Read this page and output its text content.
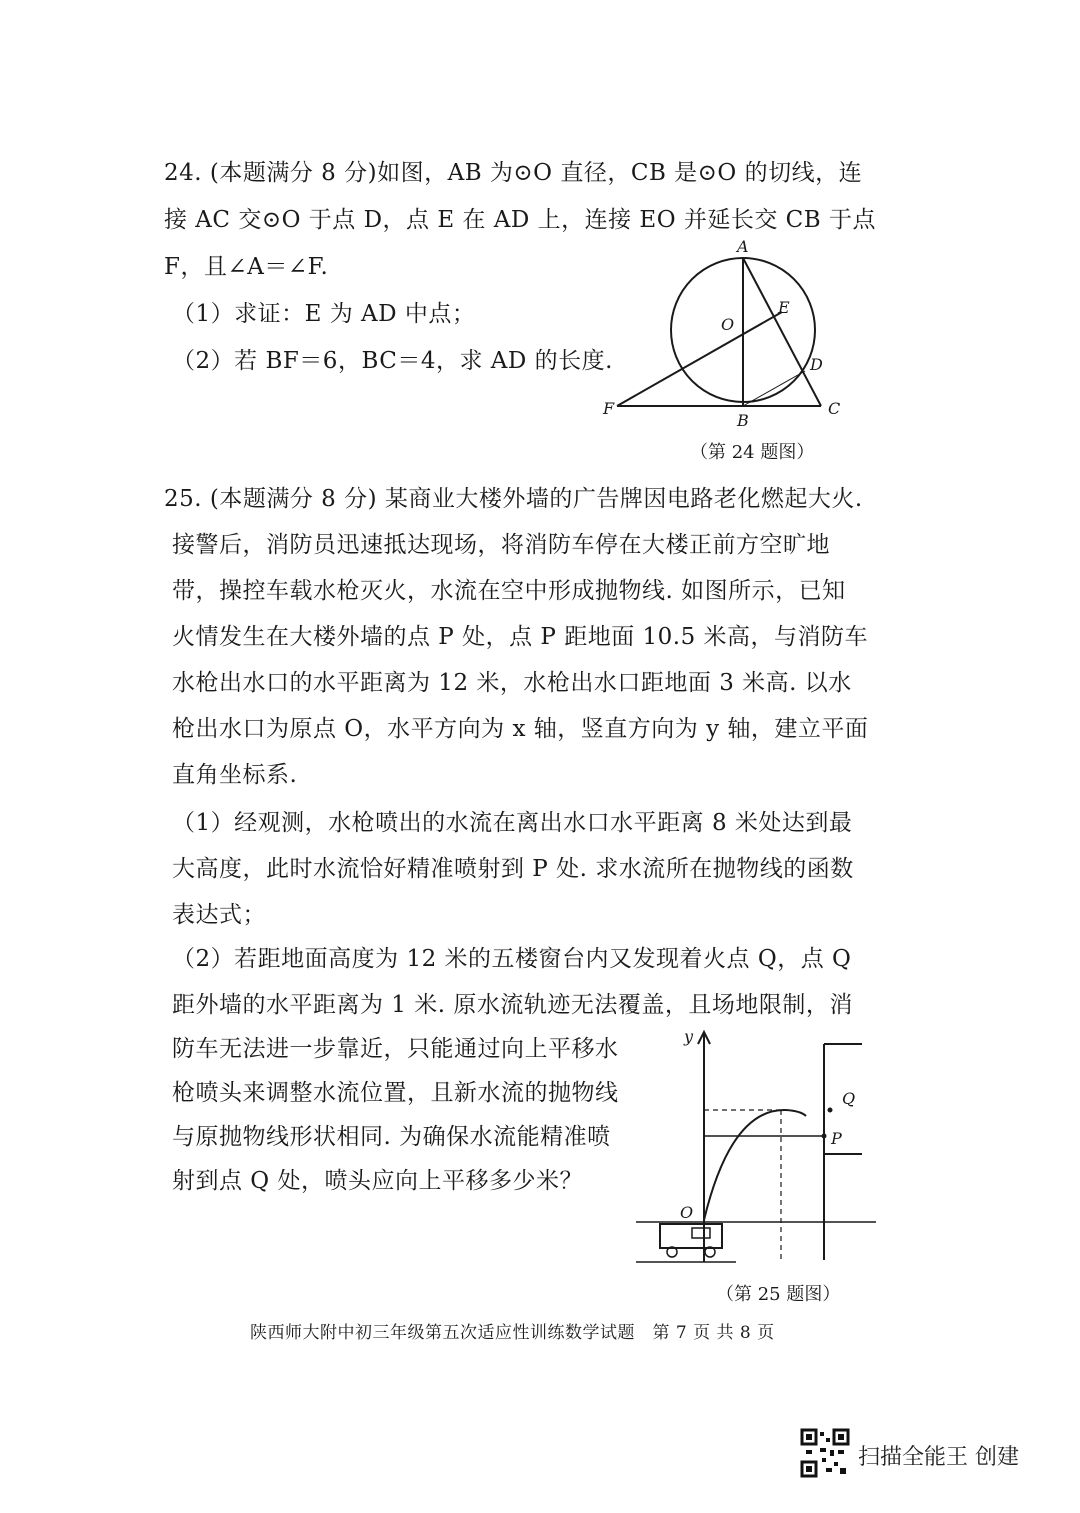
24. (本题满分 8 分)如图，AB 为⊙O 直径，CB 是⊙O 的切线，连
接 AC 交⊙O 于点 D，点 E 在 AD 上，连接 EO 并延长交 CB 于点
F，且∠A＝∠F.
（1）求证：E 为 AD 中点；
（2）若 BF＝6，BC＝4，求 AD 的长度.
A
O
E
D
F
B
C
（第 24 题图）
25. (本题满分 8 分) 某商业大楼外墙的广告牌因电路老化燃起大火.
接警后，消防员迅速抵达现场，将消防车停在大楼正前方空旷地
带，操控车载水枪灭火，水流在空中形成抛物线. 如图所示，已知
火情发生在大楼外墙的点 P 处，点 P 距地面 10.5 米高，与消防车
水枪出水口的水平距离为 12 米，水枪出水口距地面 3 米高. 以水
枪出水口为原点 O，水平方向为 x 轴，竖直方向为 y 轴，建立平面
直角坐标系.
（1）经观测，水枪喷出的水流在离出水口水平距离 8 米处达到最
大高度，此时水流恰好精准喷射到 P 处. 求水流所在抛物线的函数
表达式；
（2）若距地面高度为 12 米的五楼窗台内又发现着火点 Q，点 Q
距外墙的水平距离为 1 米. 原水流轨迹无法覆盖，且场地限制，消
防车无法进一步靠近，只能通过向上平移水
枪喷头来调整水流位置，且新水流的抛物线
与原抛物线形状相同. 为确保水流能精准喷
射到点 Q 处，喷头应向上平移多少米？
y
O
Q
P
（第 25 题图）
陕西师大附中初三年级第五次适应性训练数学试题　第 7 页 共 8 页
扫描全能王 创建
